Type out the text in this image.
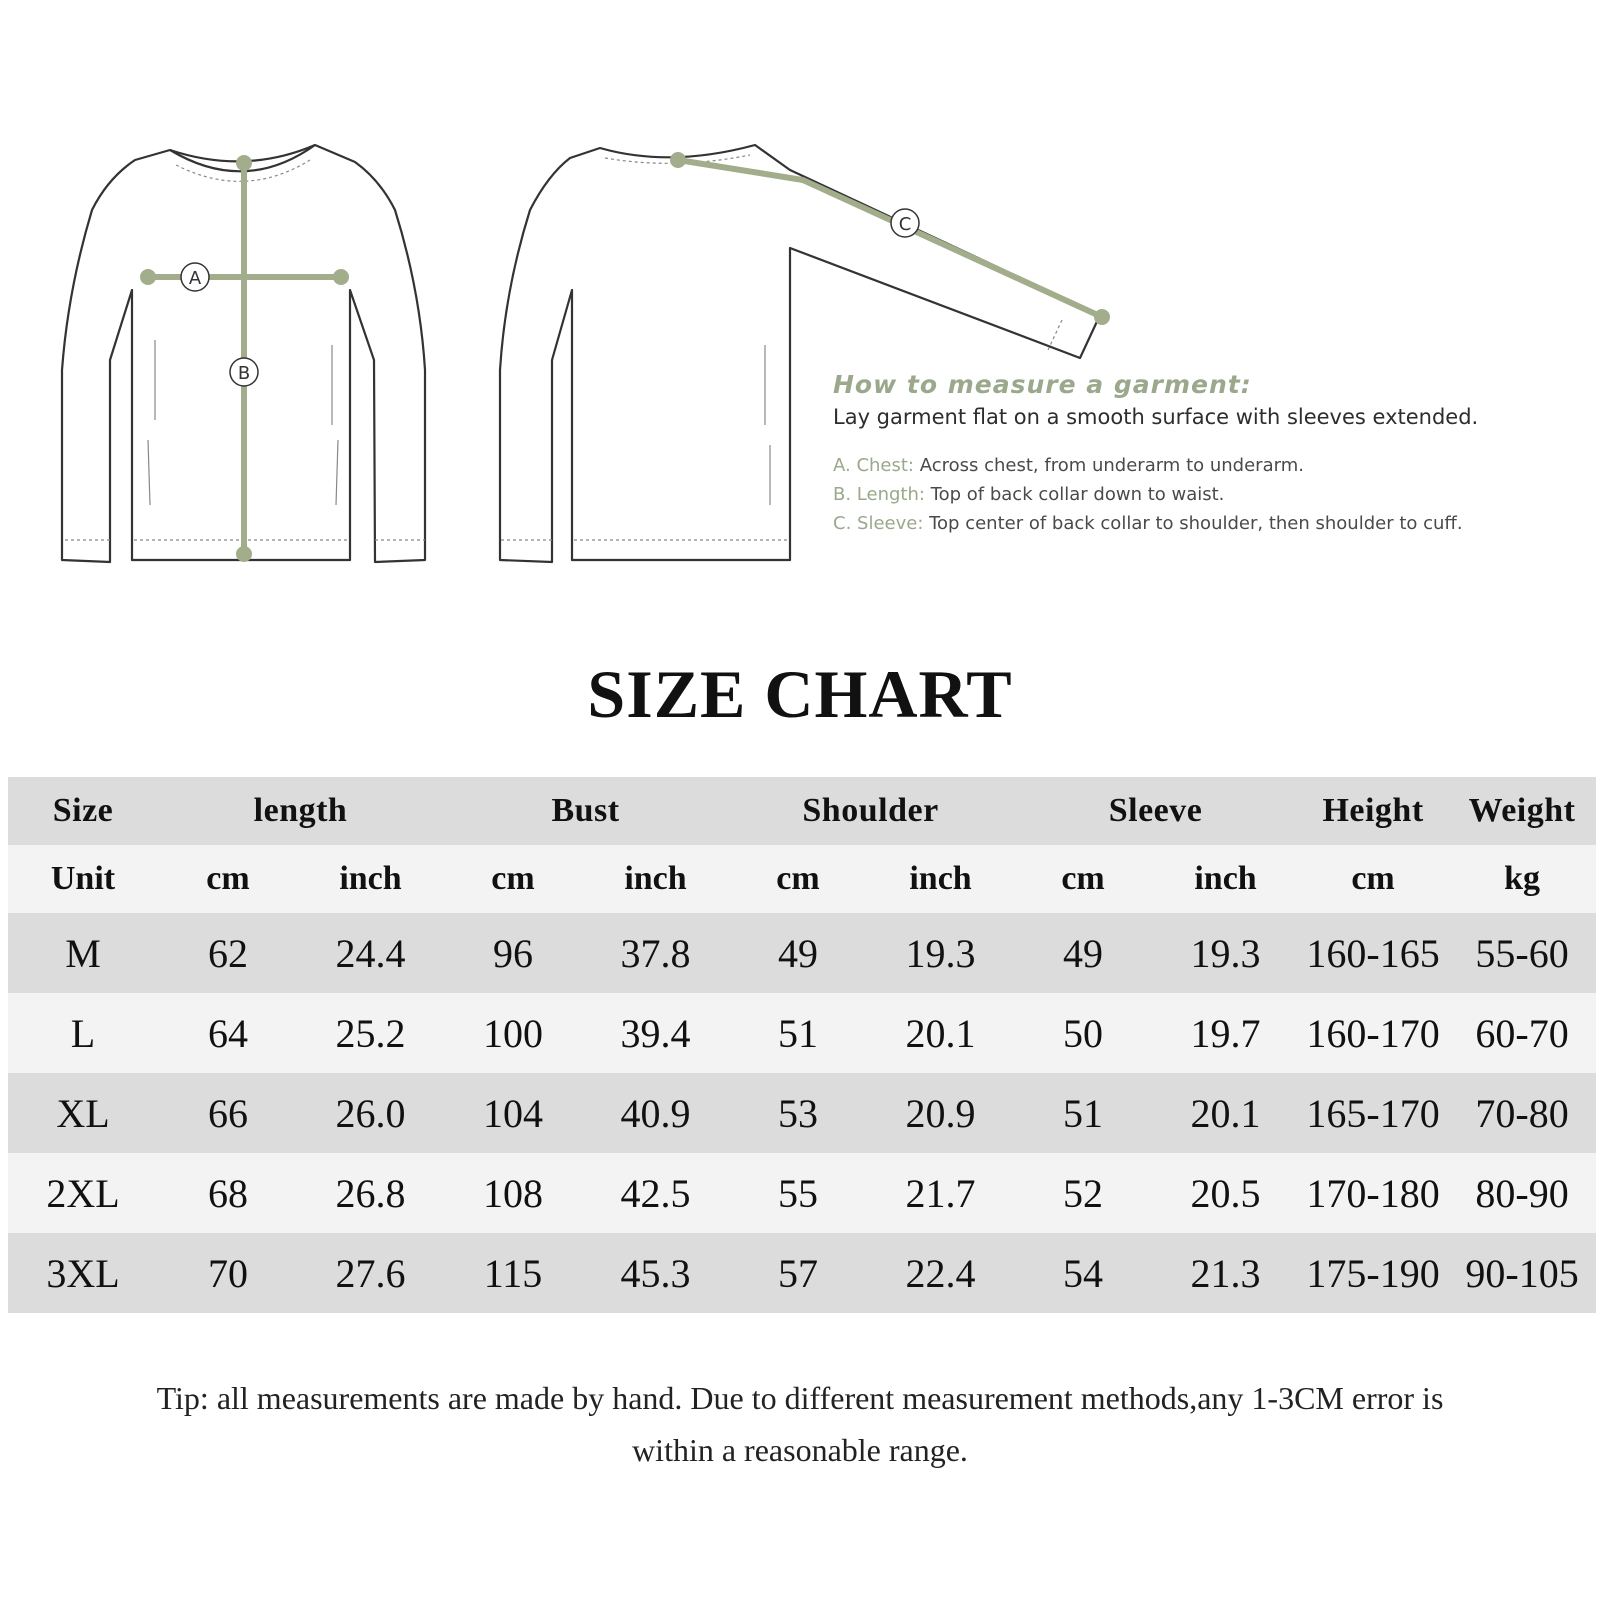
A
B
C

How to measure a garment:

Lay garment flat on a smooth surface with sleeves extended.

A. Chest: Across chest, from underarm to underarm.

B. Length: Top of back collar down to waist.

C. Sleeve: Top center of back collar to shoulder, then shoulder to cuff.

SIZE CHART
Size	length		Bust		Shoulder		Sleeve		Height	Weight
Unit	cm	inch	cm	inch	cm	inch	cm	inch	cm	kg
M	62	24.4	96	37.8	49	19.3	49	19.3	160-165	55-60
L	64	25.2	100	39.4	51	20.1	50	19.7	160-170	60-70
XL	66	26.0	104	40.9	53	20.9	51	20.1	165-170	70-80
2XL	68	26.8	108	42.5	55	21.7	52	20.5	170-180	80-90
3XL	70	27.6	115	45.3	57	22.4	54	21.3	175-190	90-105
Tip: all measurements are made by hand. Due to different measurement methods,any 1-3CM error is
within a reasonable range.
